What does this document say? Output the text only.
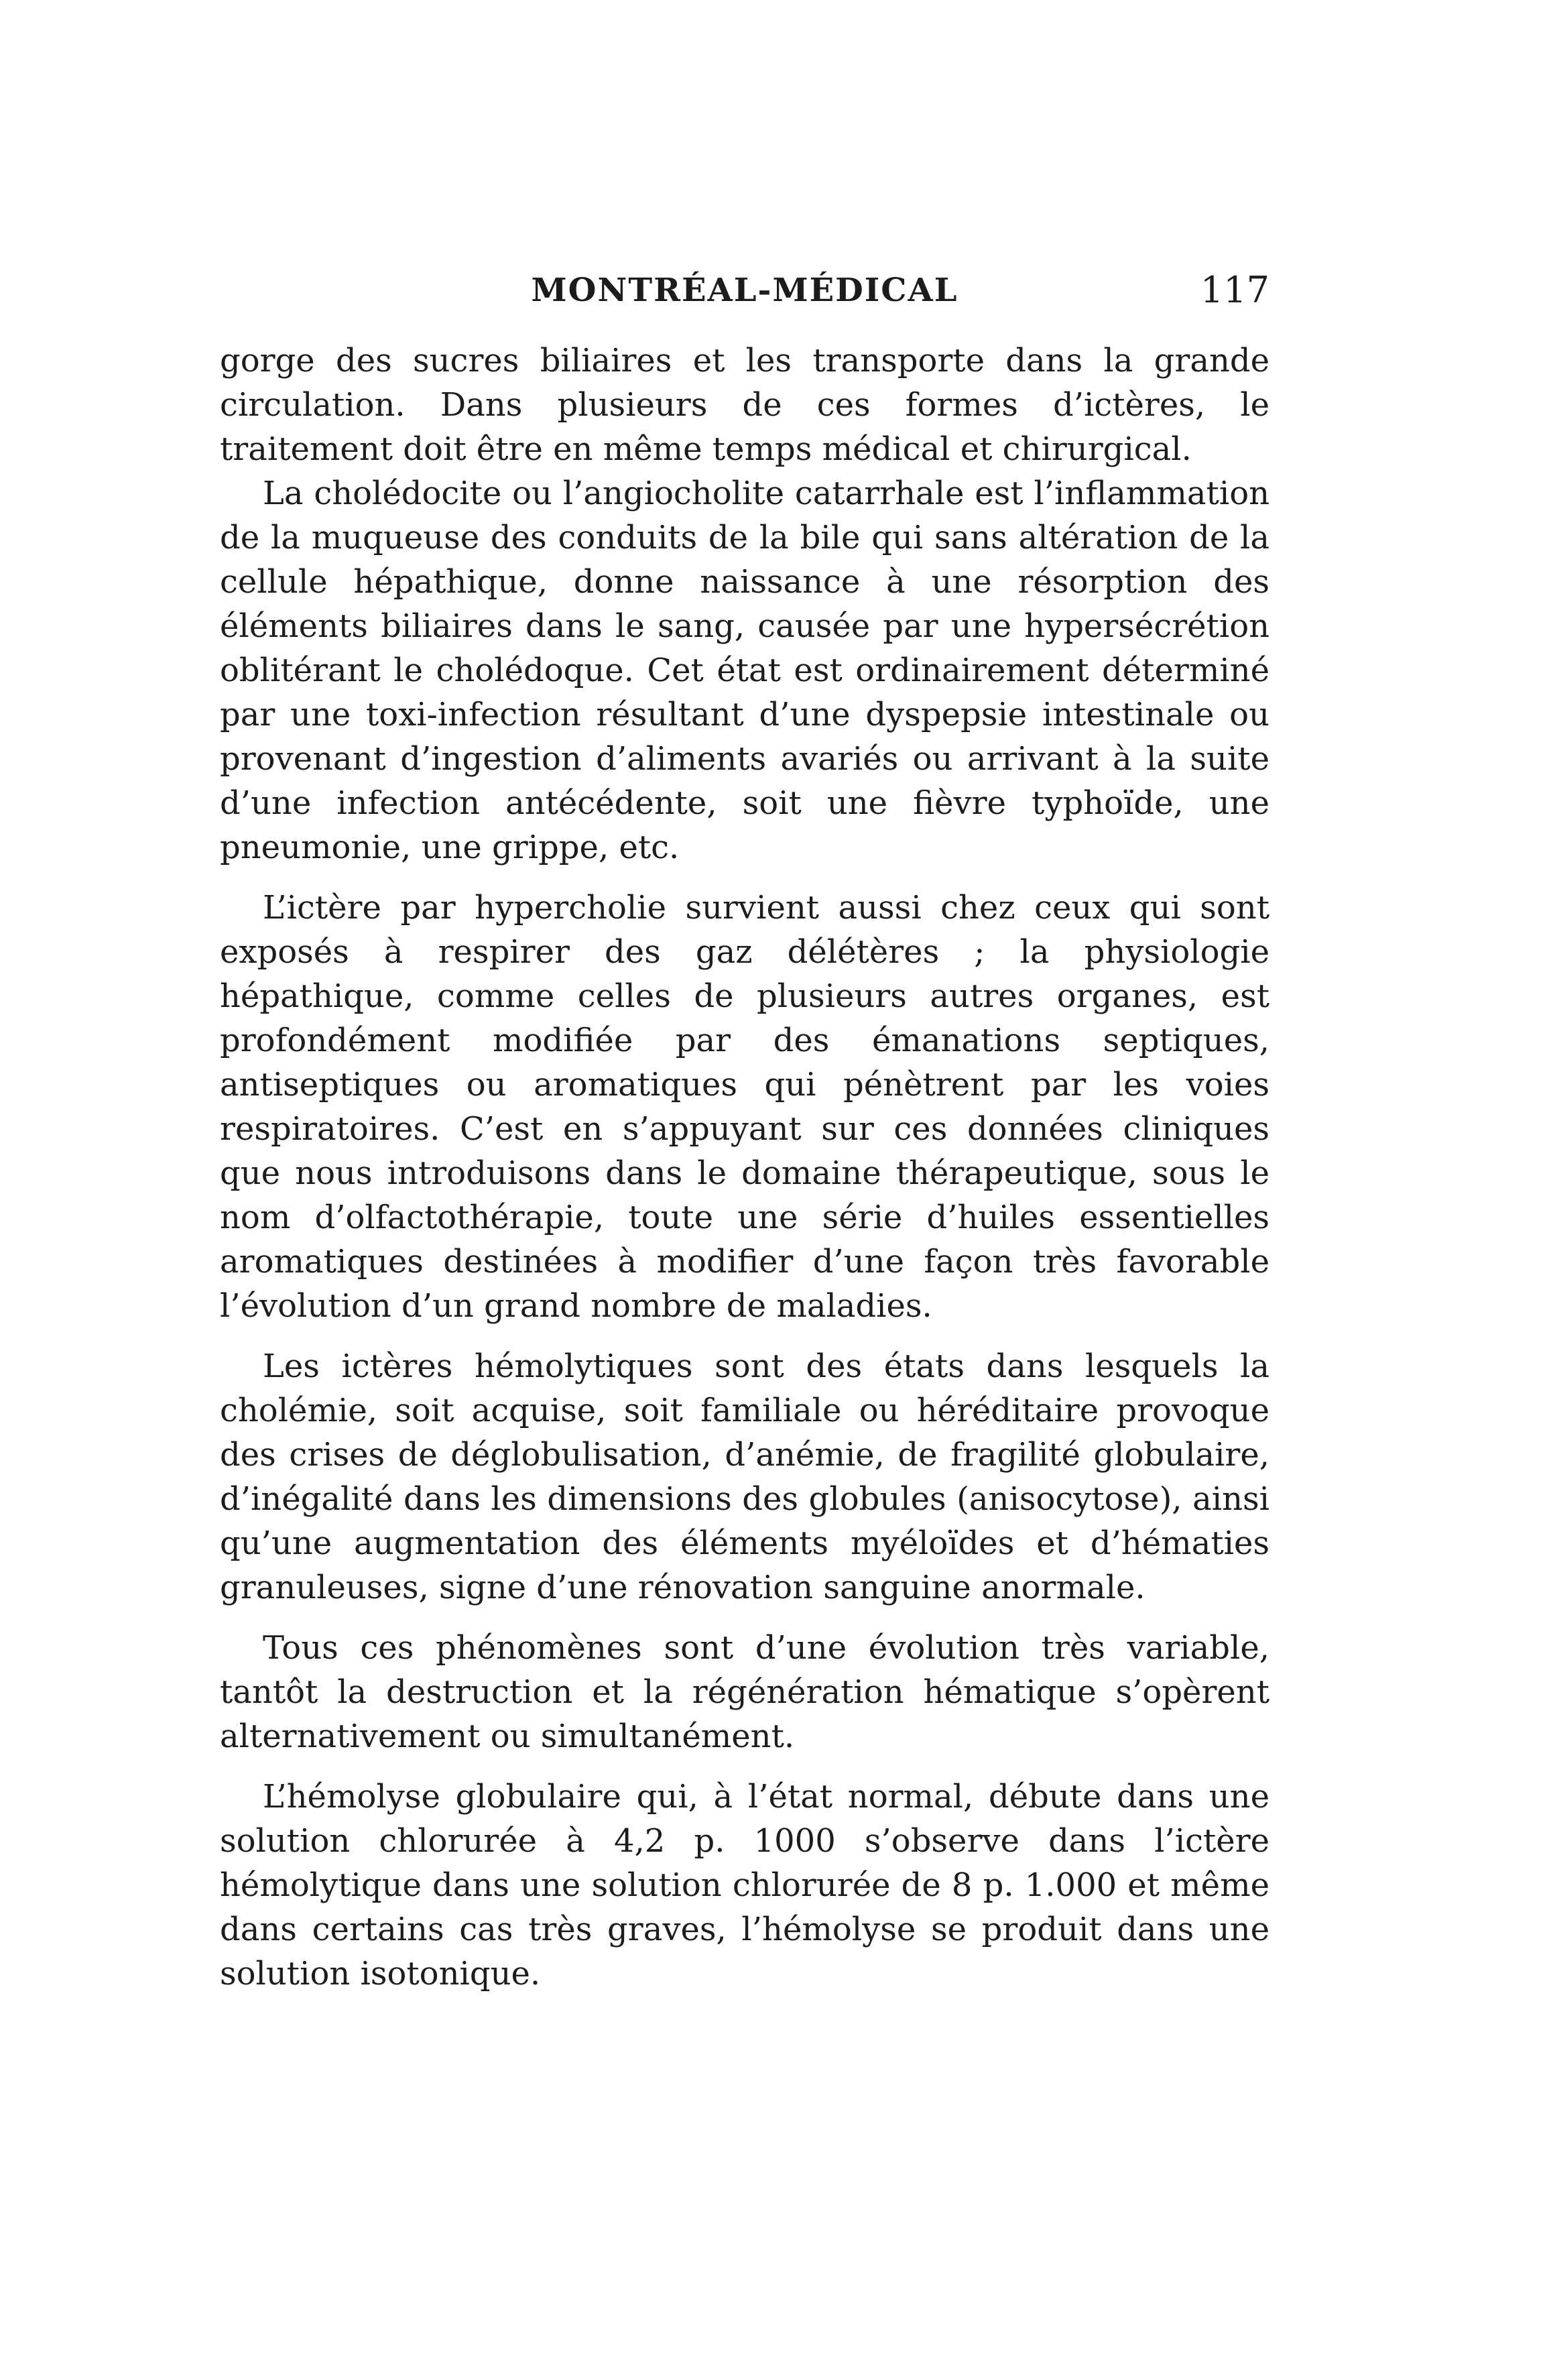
MONTRÉAL-MÉDICAL	117

gorge des sucres biliaires et les transporte dans la grande circulation. Dans plusieurs de ces formes d’ictères, le traitement doit être en même temps médical et chirurgical.

La cholédocite ou l’angiocholite catarrhale est l’inflammation de la muqueuse des conduits de la bile qui sans altération de la cellule hépathique, donne naissance à une résorption des éléments biliaires dans le sang, causée par une hypersécrétion oblitérant le cholédoque. Cet état est ordinairement déterminé par une toxi-infection résultant d’une dyspepsie intestinale ou provenant d’ingestion d’aliments avariés ou arrivant à la suite d’une infection antécédente, soit une fièvre typhoïde, une pneumonie, une grippe, etc.

L’ictère par hypercholie survient aussi chez ceux qui sont exposés à respirer des gaz délétères ; la physiologie hépathique, comme celles de plusieurs autres organes, est profondément modifiée par des émanations septiques, antiseptiques ou aromatiques qui pénètrent par les voies respiratoires. C’est en s’appuyant sur ces données cliniques que nous introduisons dans le domaine thérapeutique, sous le nom d’olfactothérapie, toute une série d’huiles essentielles aromatiques destinées à modifier d’une façon très favorable l’évolution d’un grand nombre de maladies.

Les ictères hémolytiques sont des états dans lesquels la cholémie, soit acquise, soit familiale ou héréditaire provoque des crises de déglobulisation, d’anémie, de fragilité globulaire, d’inégalité dans les dimensions des globules (anisocytose), ainsi qu’une augmentation des éléments myéloïdes et d’hématies granuleuses, signe d’une rénovation sanguine anormale.

Tous ces phénomènes sont d’une évolution très variable, tantôt la destruction et la régénération hématique s’opèrent alternativement ou simultanément.

L’hémolyse globulaire qui, à l’état normal, débute dans une solution chlorurée à 4,2 p. 1000 s’observe dans l’ictère hémolytique dans une solution chlorurée de 8 p. 1.000 et même dans certains cas très graves, l’hémolyse se produit dans une solution isotonique.
